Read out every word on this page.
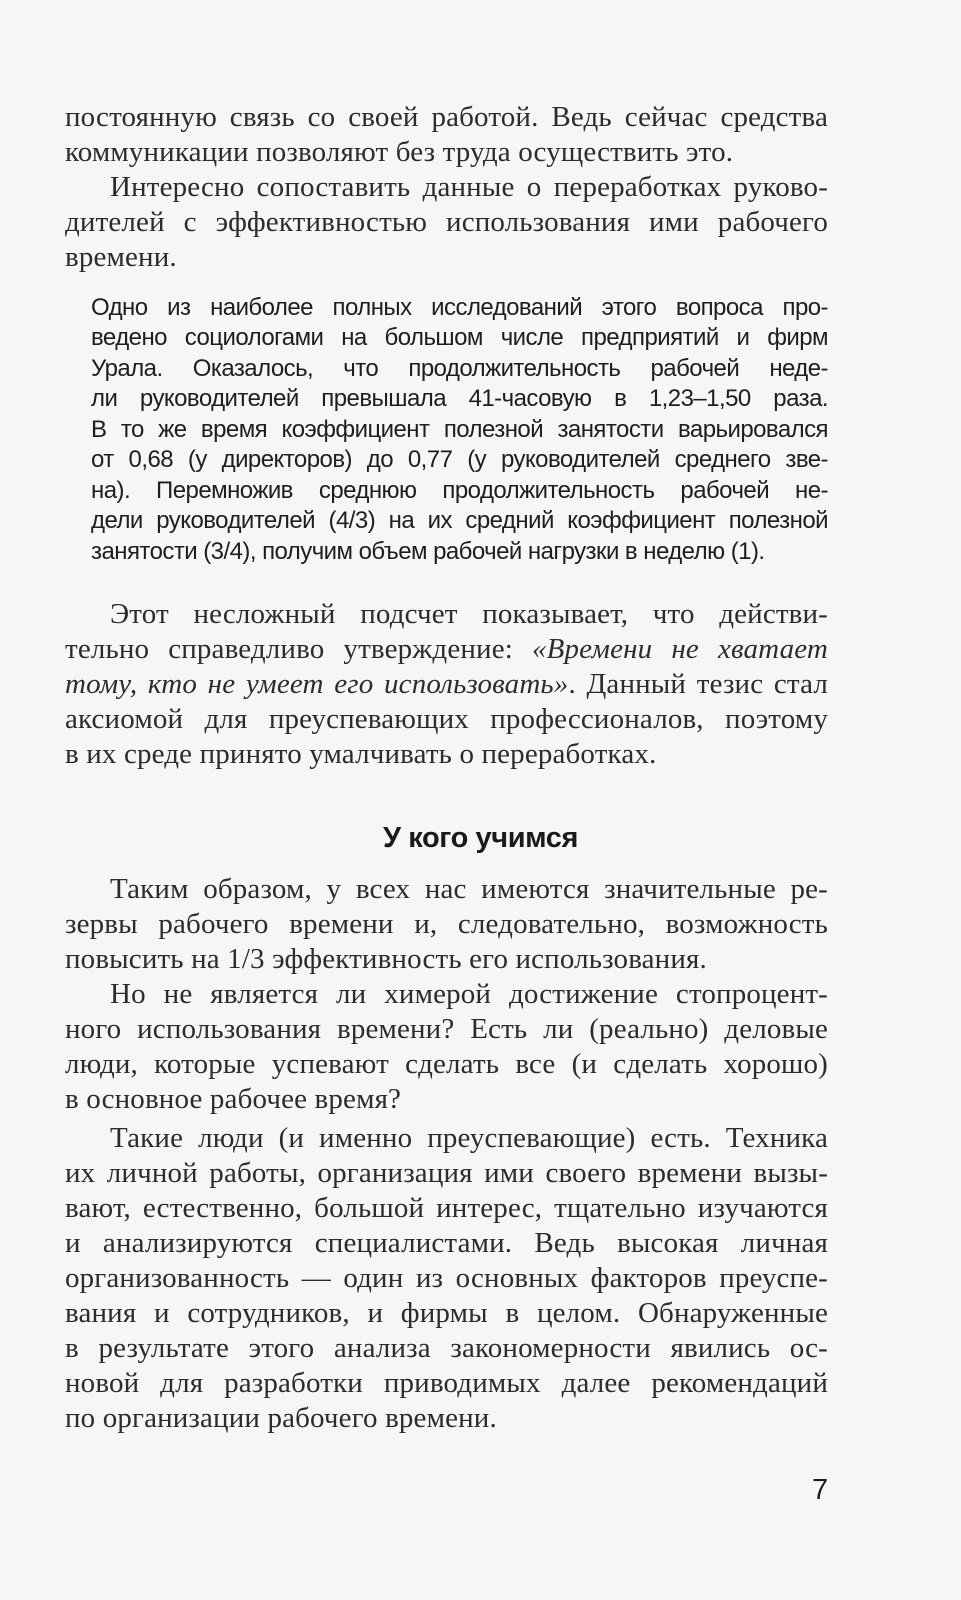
постоянную связь со своей работой. Ведь сейчас средства
коммуникации позволяют без труда осуществить это.
Интересно сопоставить данные о переработках руково-
дителей с эффективностью использования ими рабочего
времени.
Одно из наиболее полных исследований этого вопроса про-
ведено социологами на большом числе предприятий и фирм
Урала. Оказалось, что продолжительность рабочей неде-
ли руководителей превышала 41-часовую в 1,23–1,50 раза.
В то же время коэффициент полезной занятости варьировался
от 0,68 (у директоров) до 0,77 (у руководителей среднего зве-
на). Перемножив среднюю продолжительность рабочей не-
дели руководителей (4/3) на их средний коэффициент полезной
занятости (3/4), получим объем рабочей нагрузки в неделю (1).
Этот несложный подсчет показывает, что действи-
тельно справедливо утверждение: «Времени не хватает
тому, кто не умеет его использовать». Данный тезис стал
аксиомой для преуспевающих профессионалов, поэтому
в их среде принято умалчивать о переработках.
У кого учимся
Таким образом, у всех нас имеются значительные ре-
зервы рабочего времени и, следовательно, возможность
повысить на 1/3 эффективность его использования.
Но не является ли химерой достижение стопроцент-
ного использования времени? Есть ли (реально) деловые
люди, которые успевают сделать все (и сделать хорошо)
в основное рабочее время?
Такие люди (и именно преуспевающие) есть. Техника
их личной работы, организация ими своего времени вызы-
вают, естественно, большой интерес, тщательно изучаются
и анализируются специалистами. Ведь высокая личная
организованность — один из основных факторов преуспе-
вания и сотрудников, и фирмы в целом. Обнаруженные
в результате этого анализа закономерности явились ос-
новой для разработки приводимых далее рекомендаций
по организации рабочего времени.
7
